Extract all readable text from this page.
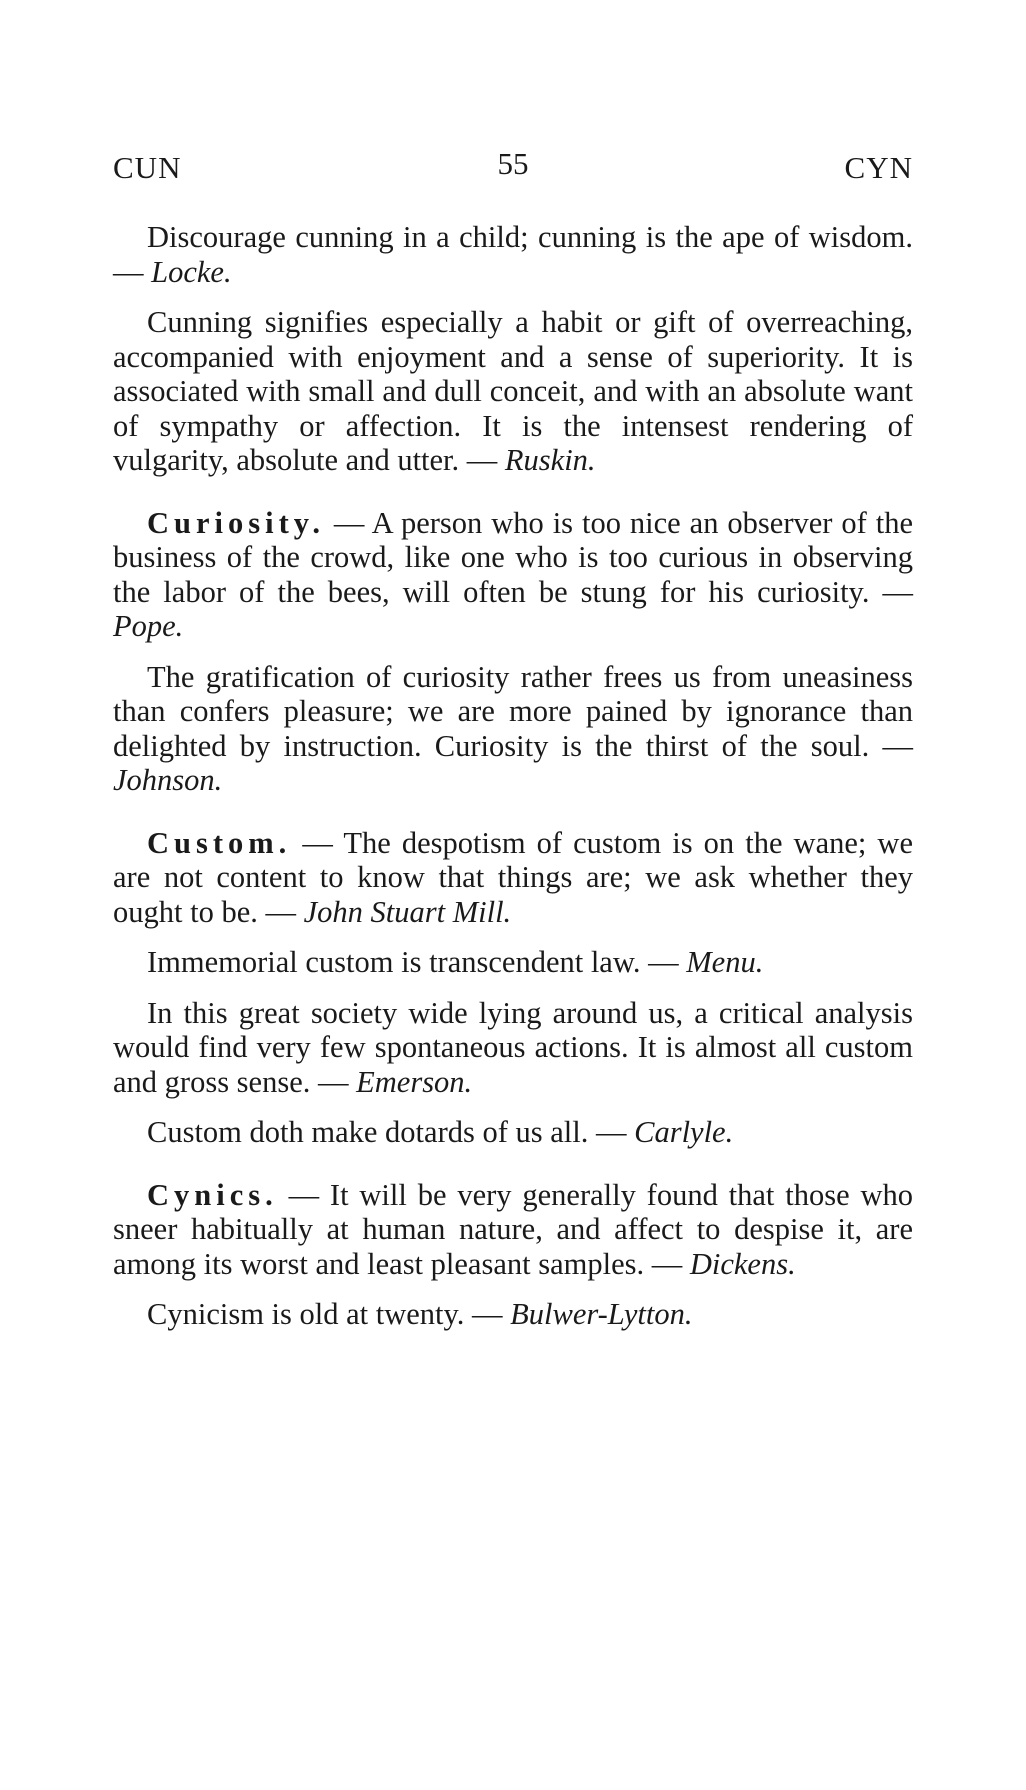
CUN	55	CYN

Discourage cunning in a child; cunning is the ape of wisdom. — Locke.

Cunning signifies especially a habit or gift of overreaching, accompanied with enjoyment and a sense of superiority. It is associated with small and dull conceit, and with an absolute want of sympathy or affection. It is the intensest rendering of vulgarity, absolute and utter. — Ruskin.

Curiosity. — A person who is too nice an observer of the business of the crowd, like one who is too curious in observing the labor of the bees, will often be stung for his curiosity. — Pope.

The gratification of curiosity rather frees us from uneasiness than confers pleasure; we are more pained by ignorance than delighted by instruction. Curiosity is the thirst of the soul. — Johnson.

Custom. — The despotism of custom is on the wane; we are not content to know that things are; we ask whether they ought to be. — John Stuart Mill.

Immemorial custom is transcendent law. — Menu.

In this great society wide lying around us, a critical analysis would find very few spontaneous actions. It is almost all custom and gross sense. — Emerson.

Custom doth make dotards of us all. — Carlyle.

Cynics. — It will be very generally found that those who sneer habitually at human nature, and affect to despise it, are among its worst and least pleasant samples. — Dickens.

Cynicism is old at twenty. — Bulwer-Lytton.
